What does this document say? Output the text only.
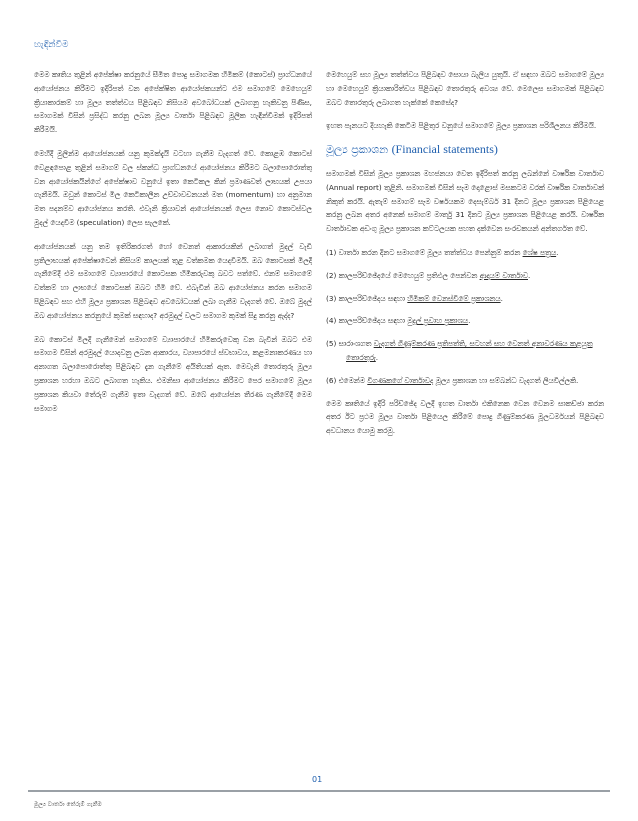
හැඳින්වීම

මෙම කෘතිය තුළින් අපේක්ෂා කරනුයේ සීමිත පොදු සමාගමක හිමිකම් (කොටස්) ප්‍රාග්ධනයේ ආයෝජනය කිරීමට ඉදිරිපත් වන අපේක්ෂිත ආයෝජකයන්ට එම සමාගමේ මෙහෙයුම් ක්‍රියාකාරකම් හා මූල්‍ය තත්ත්වය පිළිබඳව නිසියම අවබෝධයක් ලබාගනු හැකිවනු පිණිස, සමාගමක් විසින් ප්‍රසිද්ධ කරනු ලබන මූල්‍ය වාර්තා පිළිබඳව මූලික හැඳින්වීමක් ඉදිරිපත් කිරීමයි.

මෙහිදී මුලින්ම ආයෝජනයක් යනු කුමක්දැයි වටහා ගැනීම වැදගත් වේ. කොළඹ කොටස් වෙළඳපොළ තුළින් සමාගම් වල ස්කන්ධ ප්‍රාග්ධනයේ ආයෝජනය කිරීමට බලාපොරොත්තු වන ආයෝජකයින්ගේ අපේක්ෂාව වනුයේ ඉතා කෙටිකල කින් ප්‍රමාණවත් ලාභයක් උපයා ගැනීමයි. ඔවුන් කොටස් මිල කෙටිකාලීන උච්චාවචනයන් මත (momentum) හා අනුමාන මත පදනම්ව ආයෝජනය කරති. එවැනි ක්‍රියාවන් ආයෝජනයක් ලෙස නොව කොටස්වල මුදල් යෙදවීම (speculation) ලෙස සැලකේ.

ආයෝජනයක් යනු තම ඉතිරිකරගත් හෝ වෙනත් ආකාරයකින් ලබාගත් මුදල් වැඩි ප්‍රතිලාභයක් අපේක්ෂාවෙන් කිසියම් කාලයක් තුළ වත්කමක යෙදවීමයි. ඔබ කොටසක් මිලදී ගැනීමේදී එම සමාගමේ ව්‍යාපාරයේ කොටසක හිමිකරුවකු බවට පත්වේ. එනම් සමාගමේ වත්කම් හා ලාභයේ කොටසක් ඔබට හිමි වේ. එබැවින් ඔබ ආයෝජනය කරන සමාගම පිළිබඳව සහ එහි මූල්‍ය ප්‍රකාශන පිළිබඳව අවබෝධයක් ලබා ගැනීම වැදගත් වේ. ඔබේ මුදල් ඔබ ආයෝජනය කරනුයේ කුමක් සඳහාද? අරමුදල් වලට සමාගම කුමක් සිදු කරනු ඇද්ද?

ඔබ කොටස් මිලදී ගැනීමෙන් සමාගමේ ව්‍යාපාරයේ හිමිකරුවෙකු වන බැවින් ඔබට එම සමාගම විසින් අරමුදල් යොදවනු ලබන ආකාරය, ව්‍යාපාරයේ ස්වභාවය, කළමනාකරණය හා අනාගත බලාපොරොත්තු පිළිබඳව දැන ගැනීමේ අයිතියක් ඇත. මෙවැනි තොරතුරු මූල්‍ය ප්‍රකාශන හරහා ඔබට ලබාගත හැකිය. එමනිසා ආයෝජනය කිරීමට පෙර සමාගමේ මූල්‍ය ප්‍රකාශන කියවා තේරුම් ගැනීම ඉතා වැදගත් වේ. ඔබේ ආයෝජන තීරණ ගැනීමේදී මෙම සමාගම

මෙහෙයුම් සහ මූල්‍ය තත්ත්වය පිළිබඳව සොයා බැලිය යුතුයි. ඒ සඳහා ඔබට සමාගමේ මූල්‍ය හා මෙහෙයුම් ක්‍රියාකාරිත්වය පිළිබඳව තොරතුරු අවශ්‍ය වේ. මෙලෙස සමාගමක් පිළිබඳව ඔබට තොරතුරු ලබාගත හැක්කේ කෙසේද?

ඉහත පැනයට දියහැකි කෙටිම පිළිතුර වනුයේ සමාගමේ මූල්‍ය ප්‍රකාශන පරිශීලනය කිරීමයි.

මූල්‍ය ප්‍රකාශන (Financial statements)

සමාගමක් විසින් මූල්‍ය ප්‍රකාශන මහජනයා වෙත ඉදිරිපත් කරනු ලබන්නේ වාර්ෂික වාර්තාව (Annual report) තුළිනි. සමාගමක් විසින් සෑම දොළොස් මසකටම වරක් වාර්ෂික වාර්තාවක් නිකුත් කරයි. ඇතැම් සමාගම් සෑම වර්ෂයකම දෙසැම්බර් 31 දිනට මූල්‍ය ප්‍රකාශන පිළියෙළ කරනු ලබන අතර අනෙක් සමාගම් මාර්තු 31 දිනට මූල්‍ය ප්‍රකාශන පිළියෙළ කරයි. වාර්ෂික වාර්තාවක අඩංගු මූල්‍ය ප්‍රකාශන කට්ටලයක පහත දක්වෙන සංරචකයන් අන්තර්ගත වේ.

(1) වාර්තා කරන දිනට සමාගමේ මූල්‍ය තත්ත්වය පෙන්නුම් කරන ශේෂ පත්‍රය.
(2) කාලපරිච්ඡේදයේ මෙහෙයුම් ප්‍රතිඵල පෙන්වන ආදායම් වාර්තාව.
(3) කාලපරිච්ඡේදය සඳහා හිමිකම් වෙනස්වීමේ ප්‍රකාශනය.
(4) කාලපරිච්ඡේදය සඳහා මුදල් ප්‍රවාහ ප්‍රකාශය.
(5) සාරාංශගත වැදගත් ගිණුම්කරණ ප්‍රතිපත්ති, සටහන් සහ වෙනත් අනාවරණය කළයුතු තොරතුරු.
(6) එමෙන්ම විගණකගේ වාර්තාවද මූල්‍ය ප්‍රකාශන හා සම්බන්ධ වැදගත් ලියවිල්ලකි.

මෙම කෘතියේ ඉදිරි පරිච්ඡේද වලදී ඉහත වාර්තා එකිනෙක වෙන වෙනම සාකච්ඡා කරන අතර ඊට ප්‍රථම මූල්‍ය වාර්තා පිළියෙල කිරීමේ පොදු ගිණුම්කරණ මූලධර්මයන් පිළිබඳව අවධානය යොමු කරමු.

01
මූල්‍ය වාර්තා තේරුම් ගැනීම
